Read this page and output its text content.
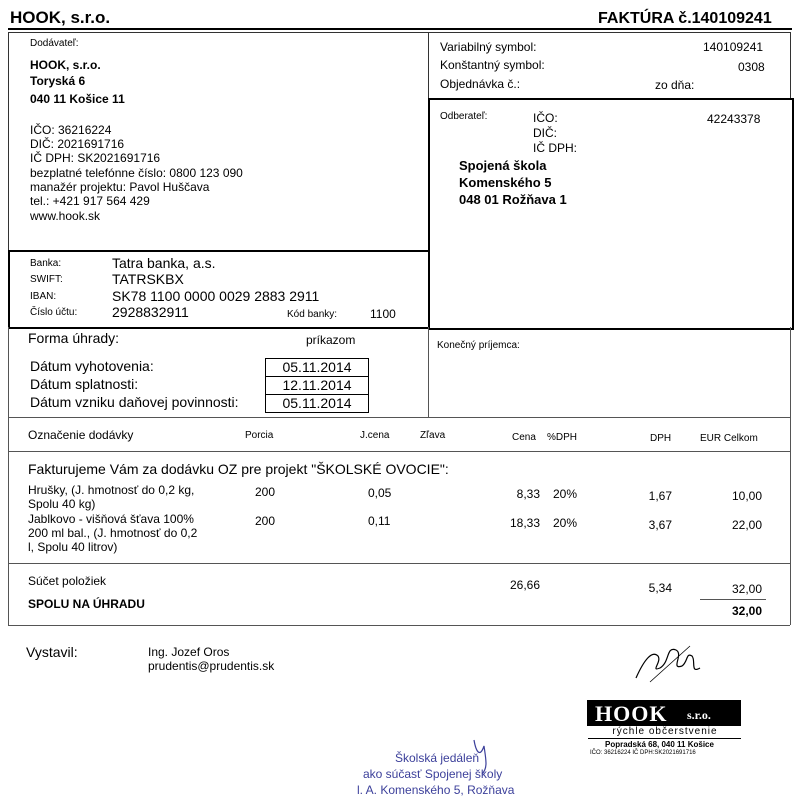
HOOK, s.r.o.	FAKTÚRA č.140109241
Dodávateľ:
HOOK, s.r.o.
Toryská 6
040 11 Košice 11
IČO: 36216224
DIČ: 2021691716
IČ DPH: SK2021691716
bezplatné telefónne číslo: 0800 123 090
manažér projektu: Pavol Huščava
tel.: +421 917 564 429
www.hook.sk
Variabilný symbol:	140109241
Konštantný symbol:	0308
Objednávka č.:	zo dňa:
Odberateľ:	IČO:	42243378
DIČ:
IČ DPH:
Spojená škola
Komenského 5
048 01 Rožňava 1
Banka:	Tatra banka, a.s.
SWIFT:	TATRSKBX
IBAN:	SK78 1100 0000 0029 2883 2911
Číslo účtu: 2928832911	Kód banky:	1100
Forma úhrady:	príkazom	Konečný príjemca:
Dátum vyhotovenia:	05.11.2014
Dátum splatnosti:	12.11.2014
Dátum vzniku daňovej povinnosti:	05.11.2014
Označenie dodávky	Porcia	J.cena	Zľava	Cena %DPH	DPH	EUR Celkom
Fakturujeme Vám za dodávku OZ pre projekt "ŠKOLSKÉ OVOCIE":
Hrušky, (J. hmotnosť do 0,2 kg,
Spolu 40 kg)
200	0,05	8,33 20%	1,67	10,00
Jablkovo - višňová šťava 100%
200 ml bal., (J. hmotnosť do 0,2
l, Spolu 40 litrov)
200	0,11	18,33 20%	3,67	22,00
Súčet položiek	26,66	5,34	32,00
SPOLU NA ÚHRADU	32,00
Vystavil:	Ing. Jozef Oros
prudentis@prudentis.sk
HOOK s.r.o.
rýchle občerstvenie
Popradská 68, 040 11 Košice
IČO: 36216224 IČ DPH:SK2021691716
Školská jedáleň
ako súčasť Spojenej školy
l. A. Komenského 5, Rožňava
